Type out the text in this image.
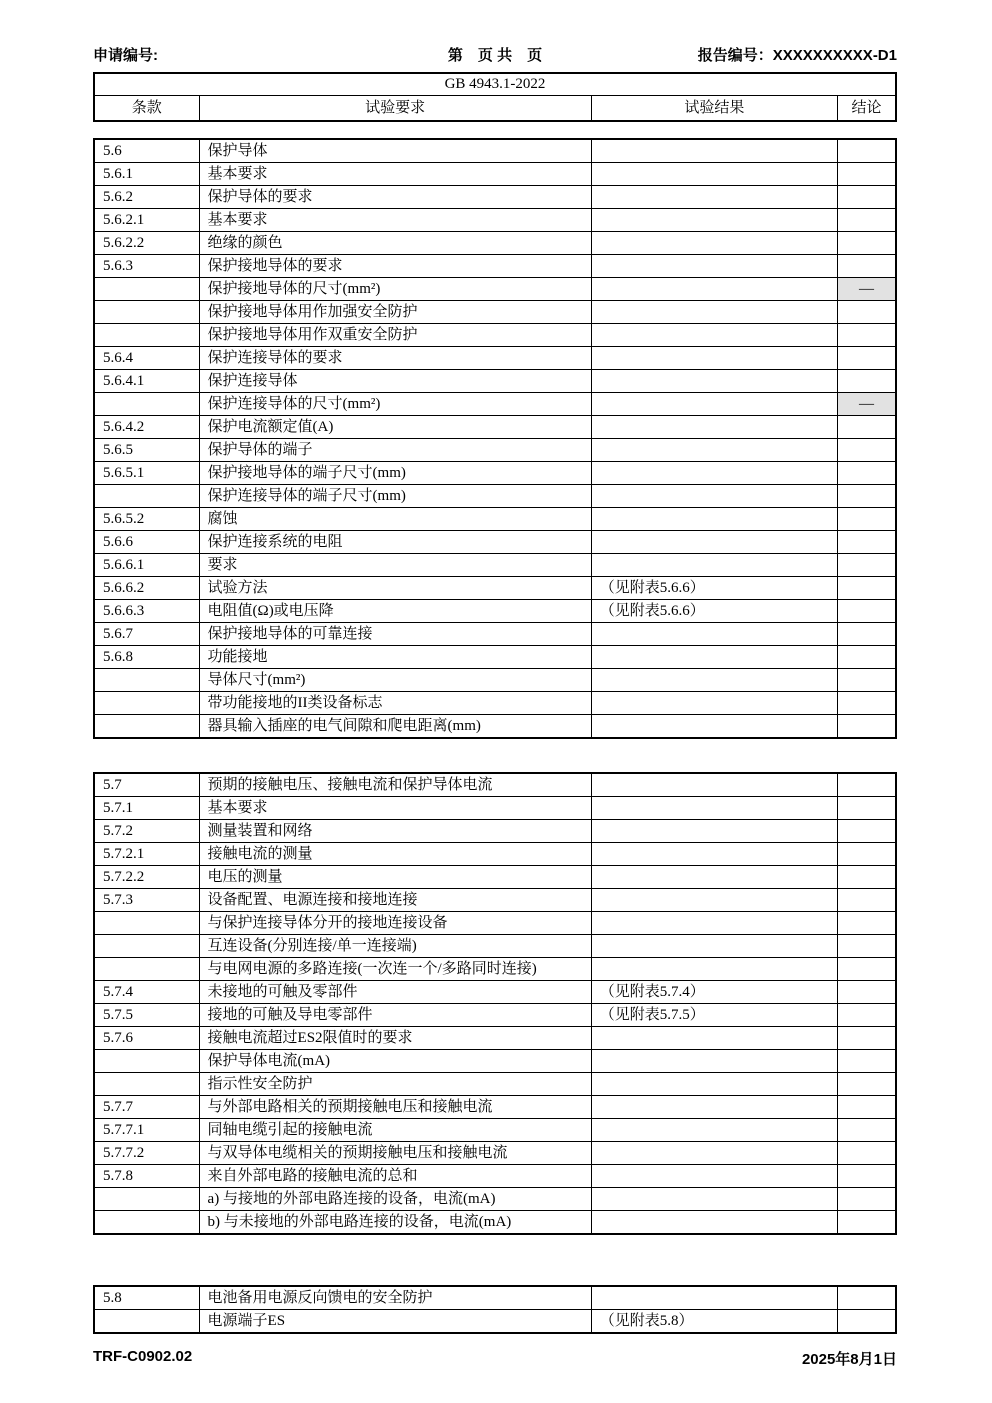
申请编号:	第　页 共　页	报告编号：XXXXXXXXXX-D1
GB 4943.1-2022
条款	试验要求	试验结果	结论
5.6	保护导体		
5.6.1	基本要求		
5.6.2	保护导体的要求		
5.6.2.1	基本要求		
5.6.2.2	绝缘的颜色		
5.6.3	保护接地导体的要求		
	保护接地导体的尺寸(mm²)		—
	保护接地导体用作加强安全防护		
	保护接地导体用作双重安全防护		
5.6.4	保护连接导体的要求		
5.6.4.1	保护连接导体		
	保护连接导体的尺寸(mm²)		—
5.6.4.2	保护电流额定值(A)		
5.6.5	保护导体的端子		
5.6.5.1	保护接地导体的端子尺寸(mm)		
	保护连接导体的端子尺寸(mm)		
5.6.5.2	腐蚀		
5.6.6	保护连接系统的电阻		
5.6.6.1	要求		
5.6.6.2	试验方法	（见附表5.6.6）	
5.6.6.3	电阻值(Ω)或电压降	（见附表5.6.6）	
5.6.7	保护接地导体的可靠连接		
5.6.8	功能接地		
	导体尺寸(mm²)		
	带功能接地的II类设备标志		
	器具输入插座的电气间隙和爬电距离(mm)		
5.7	预期的接触电压、接触电流和保护导体电流		
5.7.1	基本要求		
5.7.2	测量装置和网络		
5.7.2.1	接触电流的测量		
5.7.2.2	电压的测量		
5.7.3	设备配置、电源连接和接地连接		
	与保护连接导体分开的接地连接设备		
	互连设备(分别连接/单一连接端)		
	与电网电源的多路连接(一次连一个/多路同时连接)		
5.7.4	未接地的可触及零部件	（见附表5.7.4）	
5.7.5	接地的可触及导电零部件	（见附表5.7.5）	
5.7.6	接触电流超过ES2限值时的要求		
	保护导体电流(mA)		
	指示性安全防护		
5.7.7	与外部电路相关的预期接触电压和接触电流		
5.7.7.1	同轴电缆引起的接触电流		
5.7.7.2	与双导体电缆相关的预期接触电压和接触电流		
5.7.8	来自外部电路的接触电流的总和		
	a) 与接地的外部电路连接的设备，电流(mA)		
	b) 与未接地的外部电路连接的设备，电流(mA)		
5.8	电池备用电源反向馈电的安全防护		
	电源端子ES	（见附表5.8）	
TRF-C0902.02	2025年8月1日
